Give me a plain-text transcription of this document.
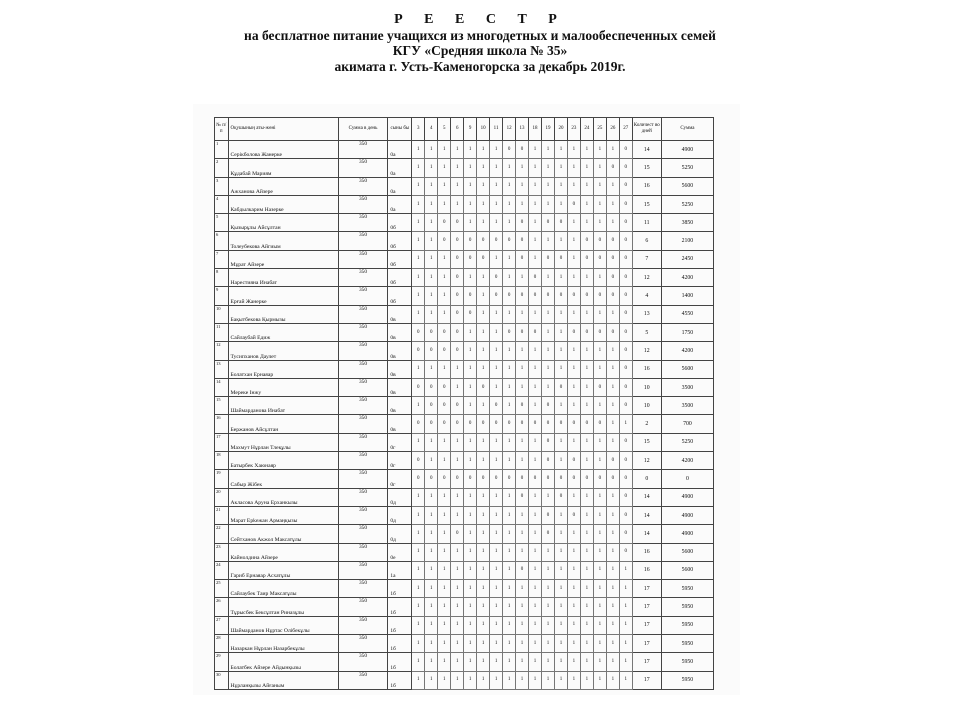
Р Е Е С Т Р
на бесплатное питание учащихся из многодетных и малообеспеченных семей
КГУ «Средняя школа № 35»
акимата г. Усть-Каменогорска за декабрь 2019г.
№ п/п	Оқушының аты-жөні	Сумма в день	сыны бы	3	4	5	6	9	10	11	12	13	18	19	20	23	24	25	26	27	Количест во дней	Сумма
1	Серікболова Жанерке	350	0а	1	1	1	1	1	1	1	0	0	1	1	1	1	1	1	1	0	14	4900
2	Құдабай Мариям	350	0а	1	1	1	1	1	1	1	1	1	1	1	1	1	1	1	0	0	15	5250
3	Ажханова Айзере	350	0а	1	1	1	1	1	1	1	1	1	1	1	1	1	1	1	1	0	16	5600
4	Кабдылкарим Назерке	350	0а	1	1	1	1	1	1	1	1	1	1	1	1	0	1	1	1	0	15	5250
5	Қызырұлы Айсұлтан	350	0б	1	1	0	0	1	1	1	1	0	1	0	0	1	1	1	1	0	11	3850
6	Толеубекова Айгиым	350	0б	1	1	0	0	0	0	0	0	0	1	1	1	1	0	0	0	0	6	2100
7	Мұрат Айзере	350	0б	1	1	1	0	0	0	1	1	0	1	0	0	1	0	0	0	0	7	2450
8	Нарестияна Инабат	350	0б	1	1	1	0	1	1	0	1	1	0	1	1	1	1	1	0	0	12	4200
9	Ерғай Жанерке	350	0б	1	1	1	0	0	1	0	0	0	0	0	0	0	0	0	0	0	4	1400
10	Бақытбекова Қырмызы	350	0в	1	1	1	0	0	1	1	1	1	1	1	1	1	1	1	1	0	13	4550
11	Сайлаубай Едиж	350	0в	0	0	0	0	1	1	1	0	0	0	1	1	0	0	0	0	0	5	1750
12	Тусипханов Даулет	350	0в	0	0	0	0	1	1	1	1	1	1	1	1	1	1	1	1	0	12	4200
13	Болатхан Ернаяар	350	0в	1	1	1	1	1	1	1	1	1	1	1	1	1	1	1	1	0	16	5600
14	Мереке Інжу	350	0в	0	0	0	1	1	0	1	1	1	1	1	0	1	1	0	1	0	10	3500
15	Шаймарданова Инабат	350	0в	1	0	0	0	1	1	0	1	0	1	0	1	1	1	1	1	0	10	3500
16	Бержанов Айсұлтан	350	0в	0	0	0	0	0	0	0	0	0	0	0	0	0	0	0	1	1	2	700
17	Махмут Нұрлан Тлеқұлы	350	0г	1	1	1	1	1	1	1	1	1	1	0	1	1	1	1	1	0	15	5250
18	Батырбек Хаюнаяр	350	0г	0	1	1	1	1	1	1	1	1	1	0	1	0	1	1	0	0	12	4200
19	Сабыр Жібек	350	0г	0	0	0	0	0	0	0	0	0	0	0	0	0	0	0	0	0	0	0
20	Акласова Аруна Ерханкызы	350	0д	1	1	1	1	1	1	1	1	0	1	1	0	1	1	1	1	0	14	4900
21	Марат Ерkежан Армаңқызы	350	0д	1	1	1	1	1	1	1	1	1	1	0	1	0	1	1	1	0	14	4900
22	Сейтханов Акжол Максатұлы	350	0д	1	1	1	0	1	1	1	1	1	1	0	1	1	1	1	1	0	14	4900
23	Кайнолдина Айзере	350	0е	1	1	1	1	1	1	1	1	1	1	1	1	1	1	1	1	0	16	5600
24	Гариб Ернаяар Асхатұлы	350	1а	1	1	1	1	1	1	1	1	0	1	1	1	1	1	1	1	1	16	5600
25	Сайлаубек Таир Максатұлы	350	1б	1	1	1	1	1	1	1	1	1	1	1	1	1	1	1	1	1	17	5950
26	Тұрысбек Бексұлтан Риназұлы	350	1б	1	1	1	1	1	1	1	1	1	1	1	1	1	1	1	1	1	17	5950
27	Шаймарданов Нұртас Олібекұлы	350	1б	1	1	1	1	1	1	1	1	1	1	1	1	1	1	1	1	1	17	5950
28	Назаркан Нұрлан Назарбекұлы	350	1б	1	1	1	1	1	1	1	1	1	1	1	1	1	1	1	1	1	17	5950
29	Болатбек Айзере Айдынқызы	350	1б	1	1	1	1	1	1	1	1	1	1	1	1	1	1	1	1	1	17	5950
30	Нұрланқызы Айғаным	350	1б	1	1	1	1	1	1	1	1	1	1	1	1	1	1	1	1	1	17	5950
